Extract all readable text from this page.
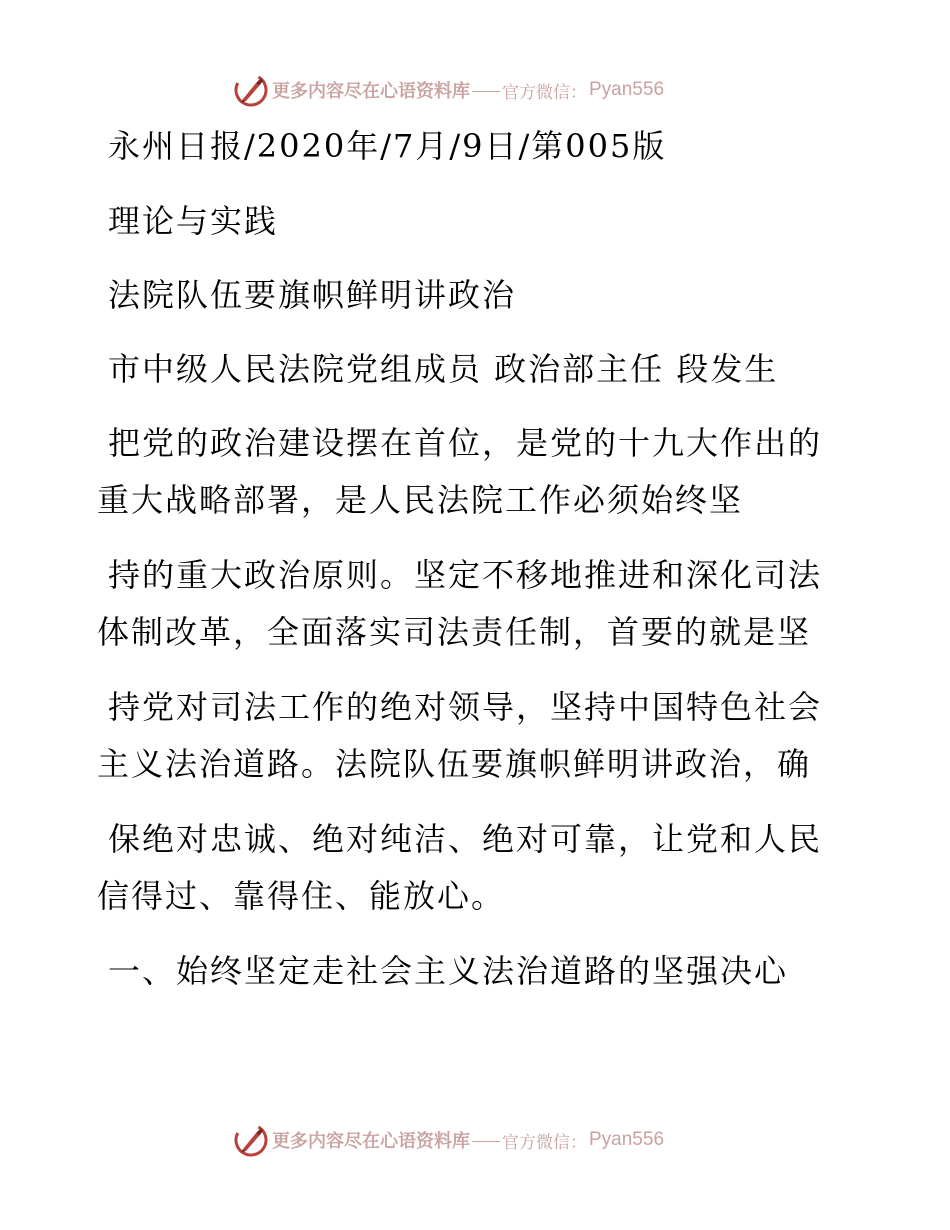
更多内容尽在心语资料库 官方微信： Pyan556
永州日报/2020年/7月/9日/第005版
理论与实践
法院队伍要旗帜鲜明讲政治
市中级人民法院党组成员 政治部主任 段发生
把党的政治建设摆在首位，是党的十九大作出的
重大战略部署，是人民法院工作必须始终坚
持的重大政治原则。坚定不移地推进和深化司法
体制改革，全面落实司法责任制，首要的就是坚
持党对司法工作的绝对领导，坚持中国特色社会
主义法治道路。法院队伍要旗帜鲜明讲政治，确
保绝对忠诚、绝对纯洁、绝对可靠，让党和人民
信得过、靠得住、能放心。
一、始终坚定走社会主义法治道路的坚强决心
更多内容尽在心语资料库 官方微信： Pyan556
